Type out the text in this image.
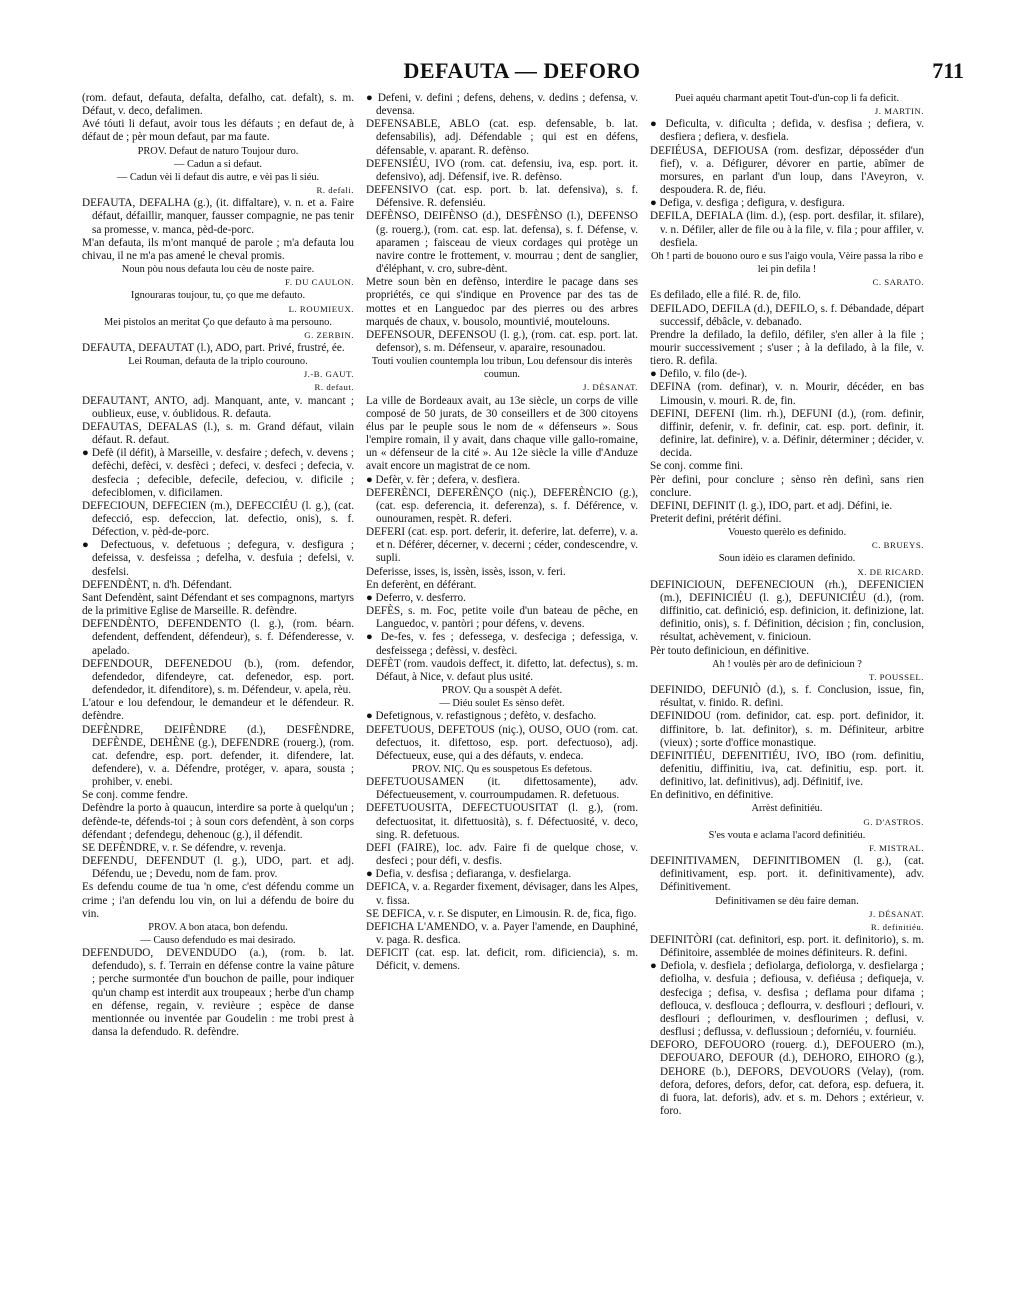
DEFAUTA — DEFORO	711

(rom. defaut, defauta, defalta, defalho, cat. defalt), s. m. Défaut, v. deco, defalimen.

Avé tóuti li defaut, avoir tous les défauts ; en defaut de, à défaut de ; pèr moun defaut, par ma faute.

PROV. Defaut de naturo Toujour duro.

— Cadun a si defaut.

— Cadun vèi li defaut dis autre, e vèi pas li siéu.

R. defali.

DEFAUTA, DEFALHA (g.), (it. diffaltare), v. n. et a. Faire défaut, défaillir, manquer, fausser compagnie, ne pas tenir sa promesse, v. manca, pèd-de-porc.

M'an defauta, ils m'ont manqué de parole ; m'a defauta lou chivau, il ne m'a pas amené le cheval promis.

Noun pòu nous defauta lou cèu de noste paire.

F. DU CAULON.

Ignouraras toujour, tu, ço que me defauto.

L. ROUMIEUX.

Mei pistolos an meritat Ço que defauto à ma persouno.

G. ZERBIN.

DEFAUTA, DEFAUTAT (l.), ADO, part. Privé, frustré, ée.

Lei Rouman, defauta de la triplo courouno.

J.-B. GAUT.

R. defaut.

DEFAUTANT, ANTO, adj. Manquant, ante, v. mancant ; oublieux, euse, v. óublidous. R. defauta.

DEFAUTAS, DEFALAS (l.), s. m. Grand défaut, vilain défaut. R. defaut.

● Defè (il défit), à Marseille, v. desfaire ; defech, v. devens ; defèchi, defèci, v. desfèci ; defeci, v. desfeci ; defecia, v. desfecia ; defecible, defecile, defeciou, v. dificile ; defeciblomen, v. dificilamen.

DEFECIOUN, DEFECIEN (m.), DEFECCIÉU (l. g.), (cat. defecció, esp. defeccion, lat. defectio, onis), s. f. Défection, v. pèd-de-porc.

● Defectuous, v. defetuous ; defegura, v. desfigura ; defeissa, v. desfeissa ; defelha, v. desfuia ; defelsi, v. desfelsi.

DEFENDÈNT, n. d'h. Défendant.

Sant Defendènt, saint Défendant et ses compagnons, martyrs de la primitive Eglise de Marseille. R. defèndre.

DEFENDÈNTO, DEFENDENTO (l. g.), (rom. béarn. defendent, deffendent, défendeur), s. f. Défenderesse, v. apelado.

DEFENDOUR, DEFENEDOU (b.), (rom. defendor, defendedor, difendeyre, cat. defenedor, esp. port. defendedor, it. difenditore), s. m. Défendeur, v. apela, rèu.

L'atour e lou defendour, le demandeur et le défendeur. R. defèndre.

DEFÈNDRE, DEIFÈNDRE (d.), DESFÈNDRE, DEFÈNDE, DEHÈNE (g.), DEFENDRE (rouerg.), (rom. cat. defendre, esp. port. defender, it. difendere, lat. defendere), v. a. Défendre, protéger, v. apara, sousta ; prohiber, v. enebi.

Se conj. comme fendre.

Defèndre la porto à quaucun, interdire sa porte à quelqu'un ; defènde-te, défends-toi ; à soun cors defendènt, à son corps défendant ; defendegu, dehenouc (g.), il défendit.

SE DEFÈNDRE, v. r. Se défendre, v. revenja.

DEFENDU, DEFENDUT (l. g.), UDO, part. et adj. Défendu, ue ; Devedu, nom de fam. prov.

Es defendu coume de tua 'n ome, c'est défendu comme un crime ; i'an defendu lou vin, on lui a défendu de boire du vin.

PROV. A bon ataca, bon defendu.

— Causo defendudo es mai desirado.

DEFENDUDO, DEVENDUDO (a.), (rom. b. lat. defendudo), s. f. Terrain en défense contre la vaine pâture ; perche surmontée d'un bouchon de paille, pour indiquer qu'un champ est interdit aux troupeaux ; herbe d'un champ en défense, regain, v. revièure ; espèce de danse mentionnée ou inventée par Goudelin : me trobi prest à dansa la defendudo. R. defèndre.

● Defeni, v. defini ; defens, dehens, v. dedins ; defensa, v. devensa.

DEFENSABLE, ABLO (cat. esp. defensable, b. lat. defensabilis), adj. Défendable ; qui est en défens, défensable, v. aparant. R. defènso.

DEFENSIÉU, IVO (rom. cat. defensiu, iva, esp. port. it. defensivo), adj. Défensif, ive. R. defènso.

DEFENSIVO (cat. esp. port. b. lat. defensiva), s. f. Défensive. R. defensiéu.

DEFÈNSO, DEIFÈNSO (d.), DESFÈNSO (l.), DEFENSO (g. rouerg.), (rom. cat. esp. lat. defensa), s. f. Défense, v. aparamen ; faisceau de vieux cordages qui protège un navire contre le frottement, v. mourrau ; dent de sanglier, d'éléphant, v. cro, subre-dènt.

Metre soun bèn en defènso, interdire le pacage dans ses propriétés, ce qui s'indique en Provence par des tas de mottes et en Languedoc par des pierres ou des arbres marqués de chaux, v. bousolo, mountivié, moutelouns.

DEFENSOUR, DEFENSOU (l. g.), (rom. cat. esp. port. lat. defensor), s. m. Défenseur, v. aparaire, resounadou.

Touti voulien countempla lou tribun, Lou defensour dis interès coumun.

J. DÉSANAT.

La ville de Bordeaux avait, au 13e siècle, un corps de ville composé de 50 jurats, de 30 conseillers et de 300 citoyens élus par le peuple sous le nom de « défenseurs ». Sous l'empire romain, il y avait, dans chaque ville gallo-romaine, un « défenseur de la cité ». Au 12e siècle la ville d'Anduze avait encore un magistrat de ce nom.

● Defèr, v. fèr ; defera, v. desfiera.

DEFERÈNCI, DEFERÈNÇO (niç.), DEFERÈNCIO (g.), (cat. esp. deferencia, it. deferenza), s. f. Déférence, v. ounouramen, respèt. R. deferi.

DEFERI (cat. esp. port. deferir, it. deferire, lat. deferre), v. a. et n. Déférer, décerner, v. decerni ; céder, condescendre, v. supli.

Deferisse, isses, is, issèn, issès, isson, v. feri.

En deferènt, en déférant.

● Deferro, v. desferro.

DEFÈS, s. m. Foc, petite voile d'un bateau de pêche, en Languedoc, v. pantòri ; pour défens, v. devens.

● De-fes, v. fes ; defessega, v. desfeciga ; defessiga, v. desfeissega ; defèssi, v. desfèci.

DEFÈT (rom. vaudois deffect, it. difetto, lat. defectus), s. m. Défaut, à Nice, v. defaut plus usité.

PROV. Qu a souspèt A defèt.

— Diéu soulet Es sènso defèt.

● Defetignous, v. refastignous ; defèto, v. desfacho.

DEFETUOUS, DEFETOUS (niç.), OUSO, OUO (rom. cat. defectuos, it. difettoso, esp. port. defectuoso), adj. Défectueux, euse, qui a des défauts, v. endeca.

PROV. NIÇ. Qu es souspetous Es defetous.

DEFETUOUSAMEN (it. difettosamente), adv. Défectueusement, v. courroumpudamen. R. defetuous.

DEFETUOUSITA, DEFECTUOUSITAT (l. g.), (rom. defectuositat, it. difettuosità), s. f. Défectuosité, v. deco, sing. R. defetuous.

DEFI (FAIRE), loc. adv. Faire fi de quelque chose, v. desfeci ; pour défi, v. desfis.

● Defia, v. desfisa ; defiaranga, v. desfielarga.

DEFICA, v. a. Regarder fixement, dévisager, dans les Alpes, v. fissa.

SE DEFICA, v. r. Se disputer, en Limousin. R. de, fica, figo.

DEFICHA L'AMENDO, v. a. Payer l'amende, en Dauphiné, v. paga. R. desfica.

DEFICIT (cat. esp. lat. deficit, rom. dificiencia), s. m. Déficit, v. demens.

Puei aquéu charmant apetit Tout-d'un-cop li fa deficit.

J. MARTIN.

● Deficulta, v. dificulta ; defida, v. desfisa ; defiera, v. desfiera ; defiera, v. desfiela.

DEFIÉUSA, DEFIOUSA (rom. desfizar, déposséder d'un fief), v. a. Défigurer, dévorer en partie, abîmer de morsures, en parlant d'un loup, dans l'Aveyron, v. despoudera. R. de, fiéu.

● Defiga, v. desfiga ; defigura, v. desfigura.

DEFILA, DEFIALA (lim. d.), (esp. port. desfilar, it. sfilare), v. n. Défiler, aller de file ou à la file, v. fila ; pour affiler, v. desfiela.

Oh ! parti de bouono ouro e sus l'aigo voula, Vèire passa la ribo e lei pin defila !

C. SARATO.

Es defilado, elle a filé. R. de, filo.

DEFILADO, DEFILA (d.), DEFILO, s. f. Débandade, départ successif, débâcle, v. debanado.

Prendre la defilado, la defilo, défiler, s'en aller à la file ; mourir successivement ; s'user ; à la defilado, à la file, v. tiero. R. defila.

● Defilo, v. filo (de-).

DEFINA (rom. definar), v. n. Mourir, décéder, en bas Limousin, v. mouri. R. de, fin.

DEFINI, DEFENI (lim. rh.), DEFUNI (d.), (rom. definir, diffinir, defenir, v. fr. definir, cat. esp. port. definir, it. definire, lat. definire), v. a. Définir, déterminer ; décider, v. decida.

Se conj. comme fini.

Pèr defini, pour conclure ; sènso rèn definì, sans rien conclure.

DEFINI, DEFINIT (l. g.), IDO, part. et adj. Défini, ie.

Preterit defini, prétérit défini.

Vouesto querèlo es definido.

C. BRUEYS.

Soun idèio es claramen definido.

X. DE RICARD.

DEFINICIOUN, DEFENECIOUN (rh.), DEFENICIEN (m.), DEFINICIÉU (l. g.), DEFUNICIÉU (d.), (rom. diffinitio, cat. definició, esp. definicion, it. definizione, lat. definitio, onis), s. f. Définition, décision ; fin, conclusion, résultat, achèvement, v. finicioun.

Pèr touto definicioun, en définitive.

Ah ! voulès pèr aro de definicioun ?

T. POUSSEL.

DEFINIDO, DEFUNIÒ (d.), s. f. Conclusion, issue, fin, résultat, v. finido. R. defini.

DEFINIDOU (rom. definidor, cat. esp. port. definidor, it. diffinitore, b. lat. definitor), s. m. Définiteur, arbitre (vieux) ; sorte d'office monastique.

DEFINITIÉU, DEFENITIÉU, IVO, IBO (rom. definitiu, defenitiu, diffinitiu, iva, cat. definitiu, esp. port. it. definitivo, lat. definitivus), adj. Définitif, ive.

En definitivo, en définitive.

Arrèst definitiéu.

G. D'ASTROS.

S'es vouta e aclama l'acord definitiéu.

F. MISTRAL.

DEFINITIVAMEN, DEFINITIBOMEN (l. g.), (cat. definitivament, esp. port. it. definitivamente), adv. Définitivement.

Definitivamen se dèu faire deman.

J. DÉSANAT.

R. definitiéu.

DEFINITÒRI (cat. definitori, esp. port. it. definitorio), s. m. Définitoire, assemblée de moines définiteurs. R. defini.

● Defiola, v. desfiela ; defiolarga, defiolorga, v. desfielarga ; defiolha, v. desfuia ; defiousa, v. defiéusa ; defiqueja, v. desfeciga ; defisa, v. desfisa ; deflama pour difama ; deflouca, v. desflouca ; deflourra, v. desflouri ; deflouri, v. desflouri ; deflourimen, v. desflourimen ; deflusi, v. desflusi ; deflussa, v. deflussioun ; deforniéu, v. fourniéu.

DEFORO, DEFOUORO (rouerg. d.), DEFOUERO (m.), DEFOUARO, DEFOUR (d.), DEHORO, EIHORO (g.), DEHORE (b.), DEFORS, DEVOUORS (Velay), (rom. defora, defores, defors, defor, cat. defora, esp. defuera, it. di fuora, lat. deforis), adv. et s. m. Dehors ; extérieur, v. foro.
